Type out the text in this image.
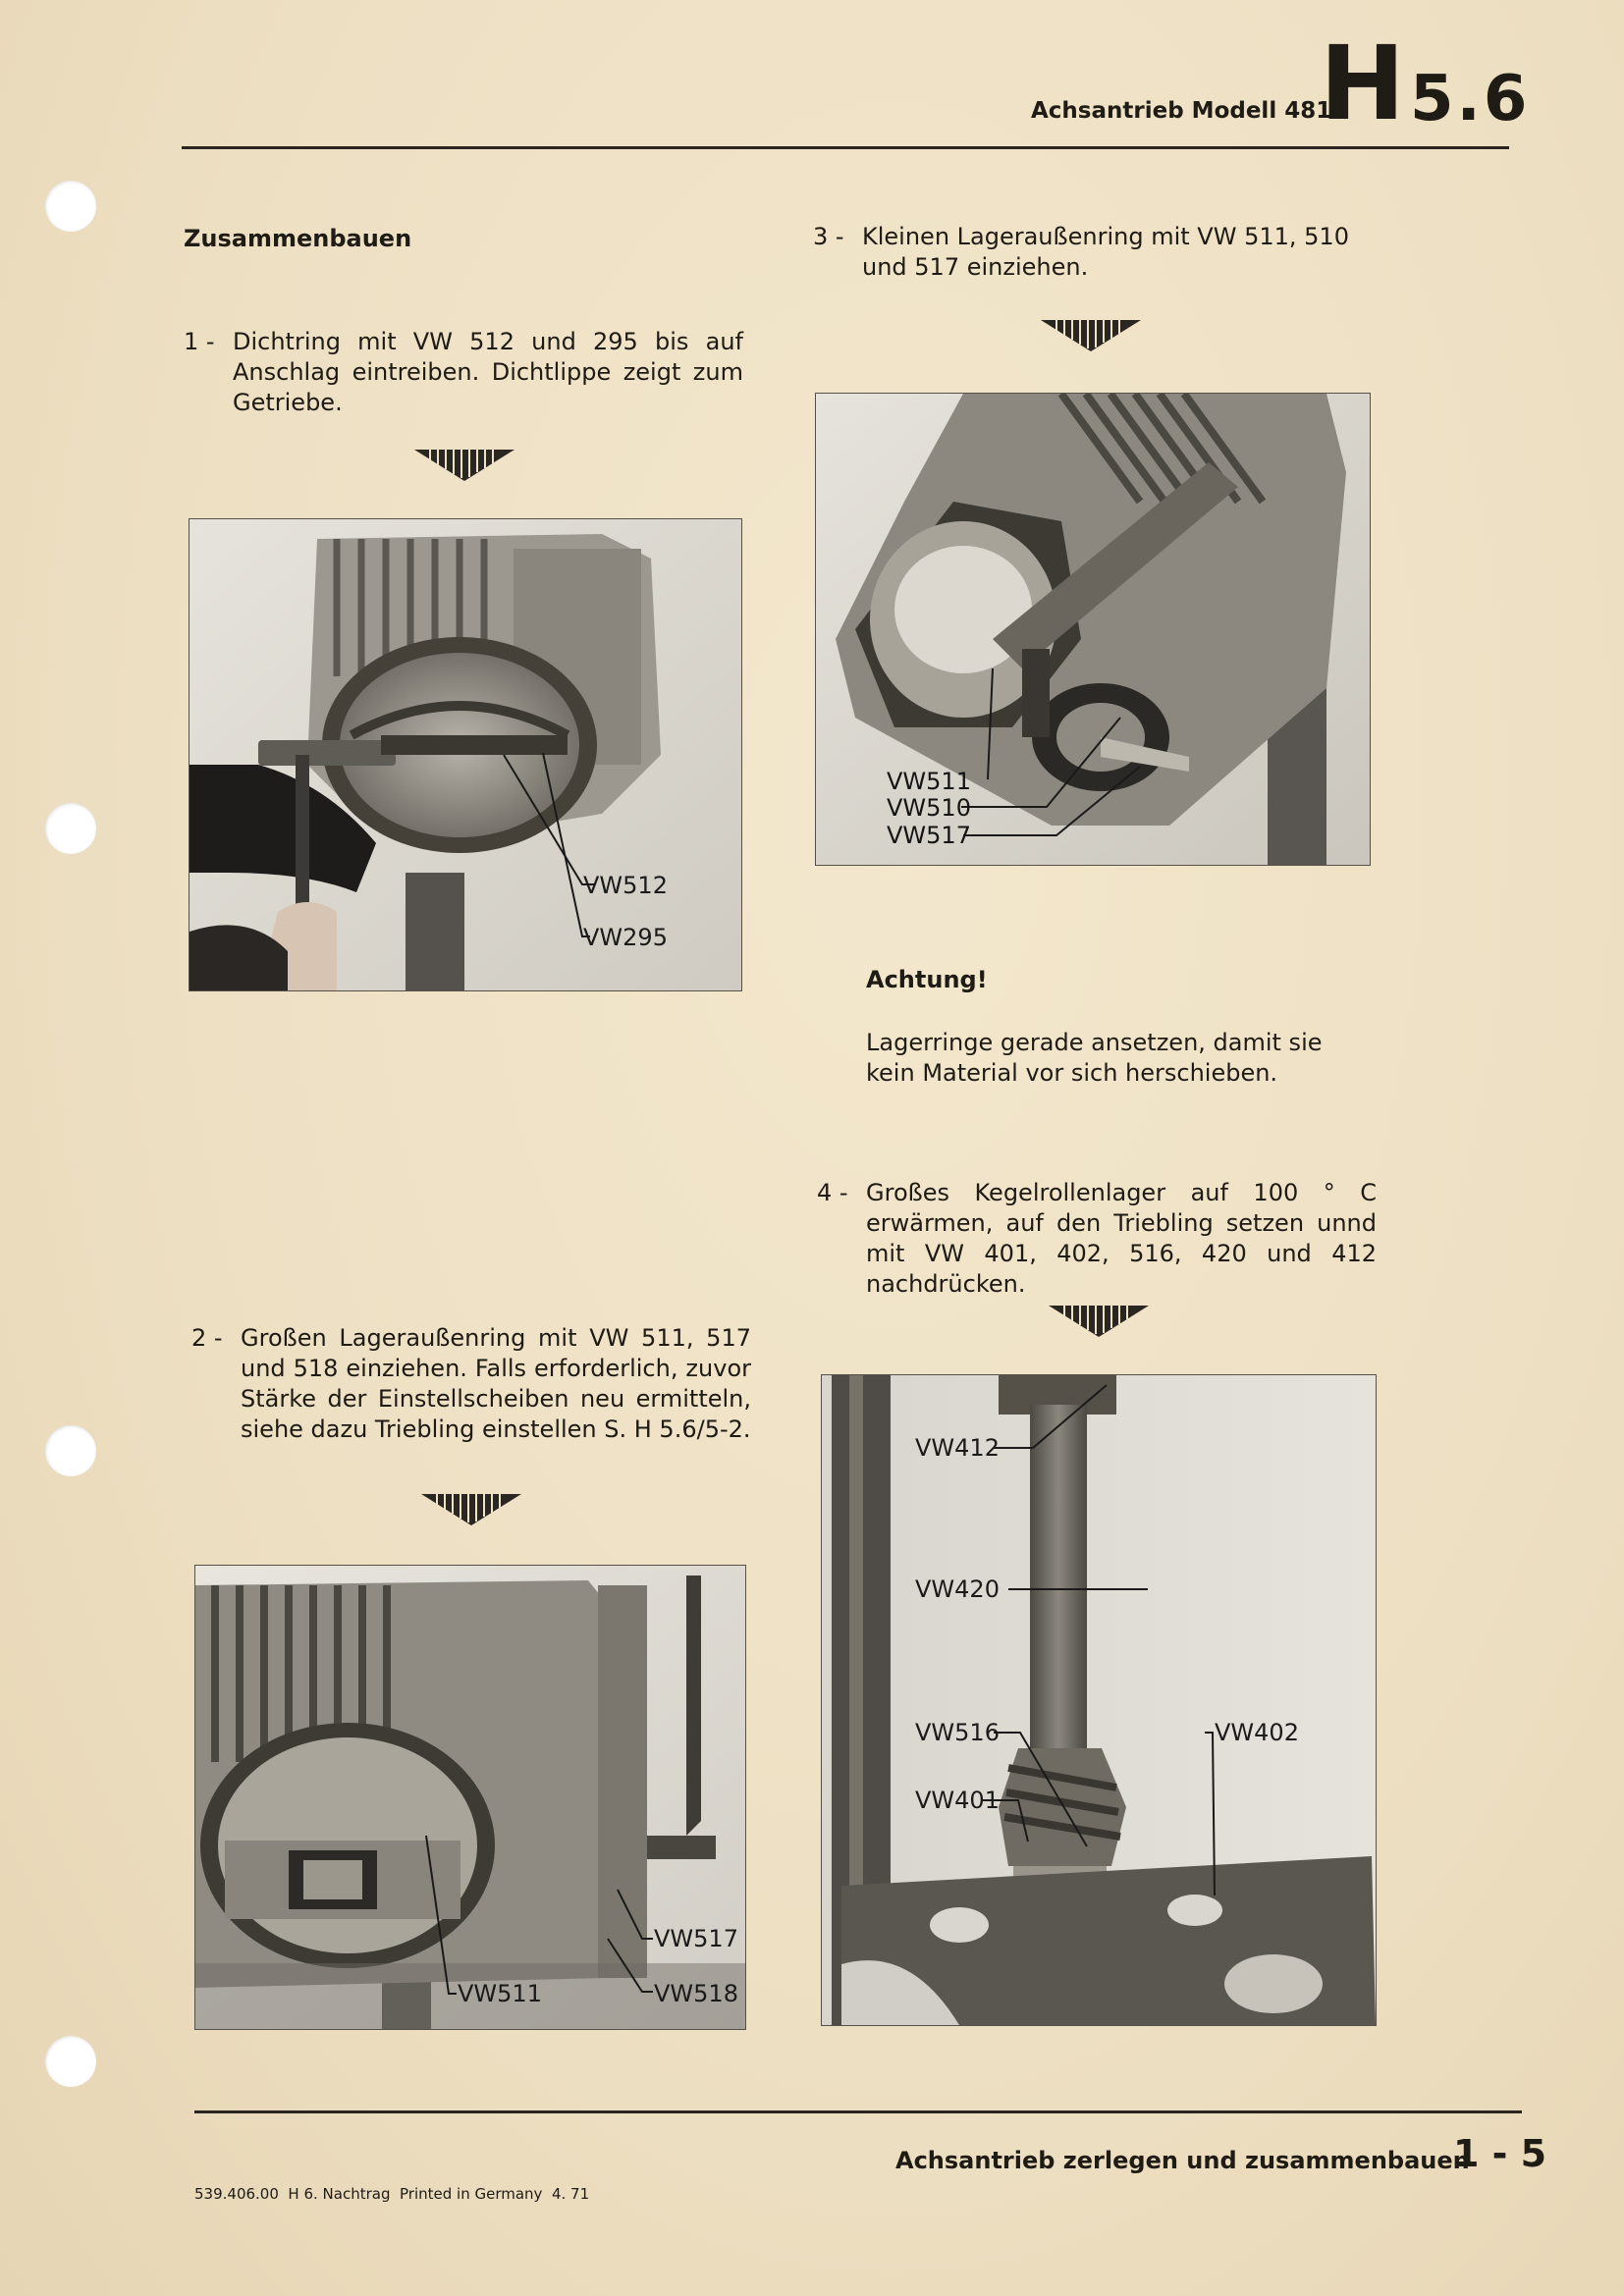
Achsantrieb Modell 481
H 5.6
Zusammenbauen
1 - Dichtring mit VW 512 und 295 bis auf Anschlag eintreiben. Dichtlippe zeigt zum Getriebe.
2 - Großen Lageraußenring mit VW 511, 517 und 518 einziehen. Falls erforderlich, zuvor Stärke der Einstellscheiben neu ermitteln, siehe dazu Triebling einstellen S. H 5.6/5-2.
3 - Kleinen Lageraußenring mit VW 511, 510 und 517 einziehen.
Achtung!
Lagerringe gerade ansetzen, damit sie kein Material vor sich herschieben.
4 - Großes Kegelrollenlager auf 100 ° C erwärmen, auf den Triebling setzen unnd mit VW 401, 402, 516, 420 und 412 nachdrücken.
VW512
VW295
VW517
VW511	VW518
VW511
VW510
VW517
VW412
VW420
VW516	VW402
VW401
Achsantrieb zerlegen und zusammenbauen
1 - 5
539.406.00  H 6. Nachtrag  Printed in Germany  4. 71
